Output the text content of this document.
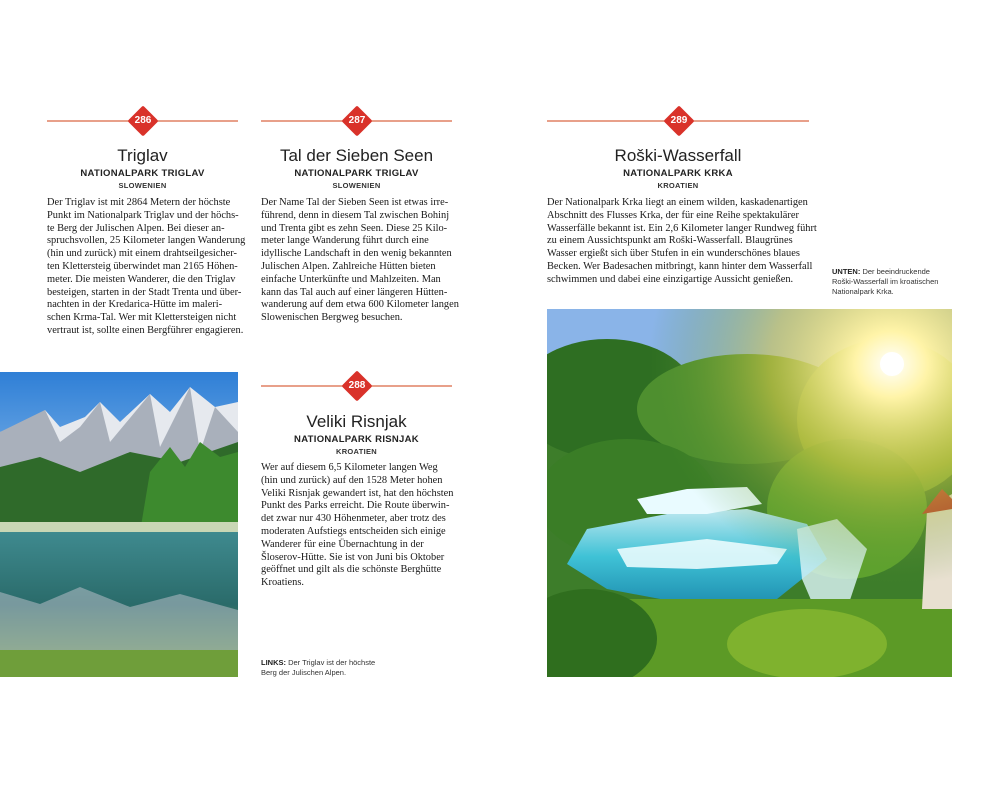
286
Triglav
NATIONALPARK TRIGLAV
SLOWENIEN
Der Triglav ist mit 2864 Metern der höchste
Punkt im Nationalpark Triglav und der höchs-
te Berg der Julischen Alpen. Bei dieser an-
spruchsvollen, 25 Kilometer langen Wanderung
(hin und zurück) mit einem drahtseilgesicher-
ten Klettersteig überwindet man 2165 Höhen-
meter. Die meisten Wanderer, die den Triglav
besteigen, starten in der Stadt Trenta und über-
nachten in der Kredarica-Hütte im maleri-
schen Krma-Tal. Wer mit Klettersteigen nicht
vertraut ist, sollte einen Bergführer engagieren.
287
Tal der Sieben Seen
NATIONALPARK TRIGLAV
SLOWENIEN
Der Name Tal der Sieben Seen ist etwas irre-
führend, denn in diesem Tal zwischen Bohinj
und Trenta gibt es zehn Seen. Diese 25 Kilo-
meter lange Wanderung führt durch eine
idyllische Landschaft in den wenig bekannten
Julischen Alpen. Zahlreiche Hütten bieten
einfache Unterkünfte und Mahlzeiten. Man
kann das Tal auch auf einer längeren Hütten-
wanderung auf dem etwa 600 Kilometer langen
Slowenischen Bergweg besuchen.
288
Veliki Risnjak
NATIONALPARK RISNJAK
KROATIEN
Wer auf diesem 6,5 Kilometer langen Weg
(hin und zurück) auf den 1528 Meter hohen
Veliki Risnjak gewandert ist, hat den höchsten
Punkt des Parks erreicht. Die Route überwin-
det zwar nur 430 Höhenmeter, aber trotz des
moderaten Aufstiegs entscheiden sich einige
Wanderer für eine Übernachtung in der
Šloserov-Hütte. Sie ist von Juni bis Oktober
geöffnet und gilt als die schönste Berghütte
Kroatiens.
289
Roški-Wasserfall
NATIONALPARK KRKA
KROATIEN
Der Nationalpark Krka liegt an einem wilden, kaskadenartigen
Abschnitt des Flusses Krka, der für eine Reihe spektakulärer
Wasserfälle bekannt ist. Ein 2,6 Kilometer langer Rundweg führt
zu einem Aussichtspunkt am Roški-Wasserfall. Blaugrünes
Wasser ergießt sich über Stufen in ein wunderschönes blaues
Becken. Wer Badesachen mitbringt, kann hinter dem Wasserfall
schwimmen und dabei eine einzigartige Aussicht genießen.
UNTEN: Der beeindruckende
Roški-Wasserfall im kroatischen
Nationalpark Krka.
LINKS: Der Triglav ist der höchste
Berg der Julischen Alpen.
